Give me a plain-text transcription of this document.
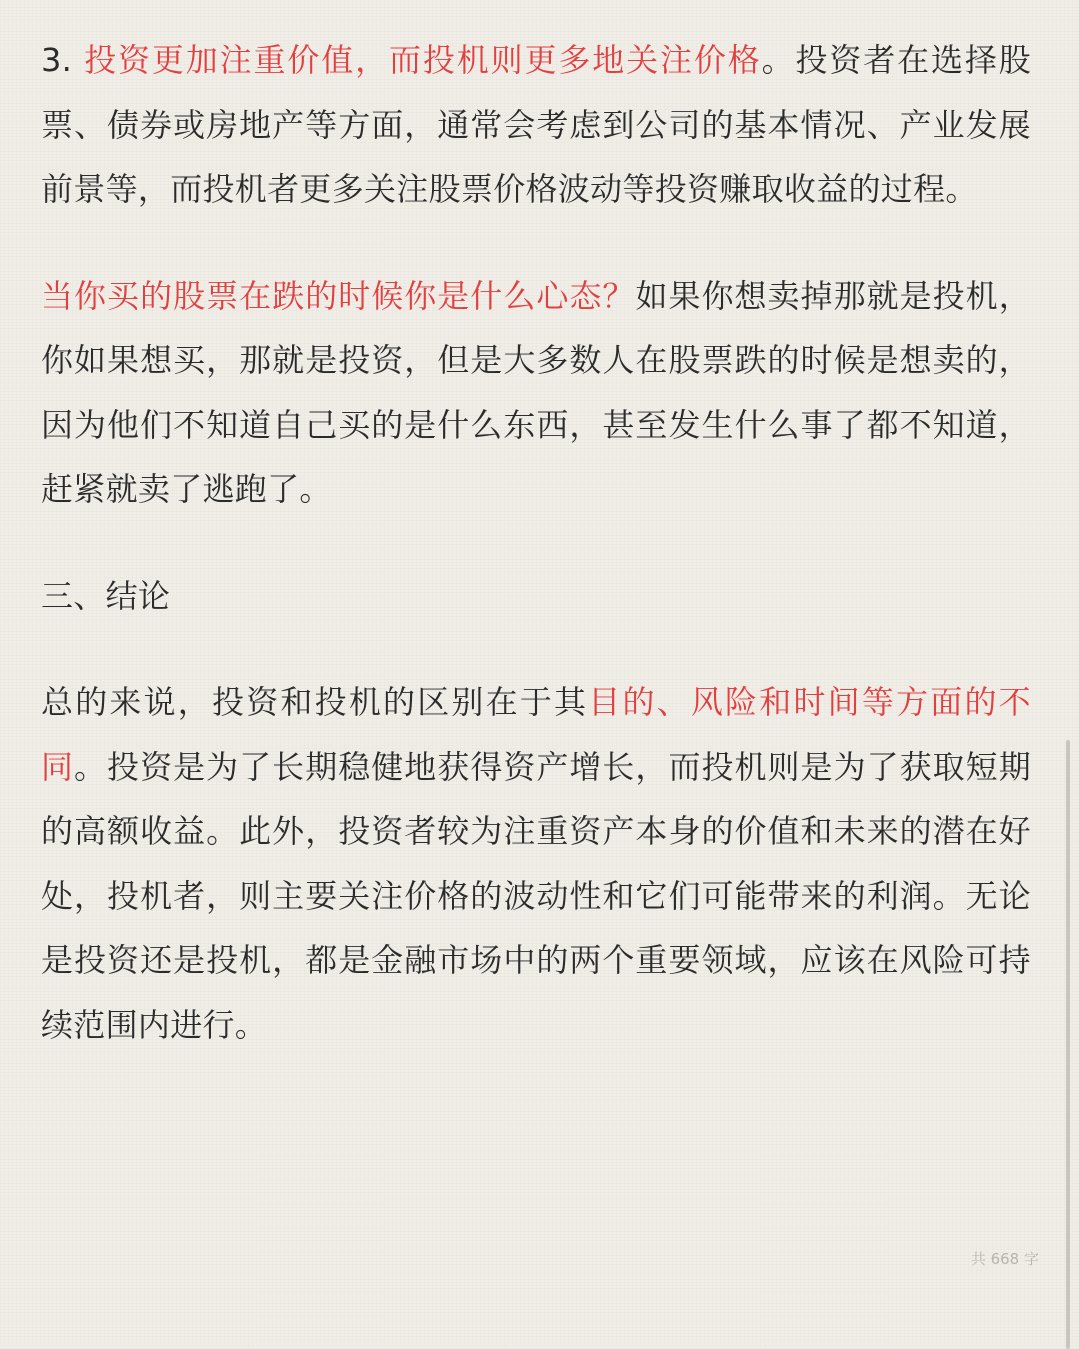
3. 投资更加注重价值，而投机则更多地关注价格。投资者在选择股票、债券或房地产等方面，通常会考虑到公司的基本情况、产业发展前景等，而投机者更多关注股票价格波动等投资赚取收益的过程。

当你买的股票在跌的时候你是什么心态？如果你想卖掉那就是投机，你如果想买，那就是投资，但是大多数人在股票跌的时候是想卖的，因为他们不知道自己买的是什么东西，甚至发生什么事了都不知道，赶紧就卖了逃跑了。

三、结论

总的来说，投资和投机的区别在于其目的、风险和时间等方面的不同。投资是为了长期稳健地获得资产增长，而投机则是为了获取短期的高额收益。此外，投资者较为注重资产本身的价值和未来的潜在好处，投机者，则主要关注价格的波动性和它们可能带来的利润。无论是投资还是投机，都是金融市场中的两个重要领域，应该在风险可持续范围内进行。

共 668 字
